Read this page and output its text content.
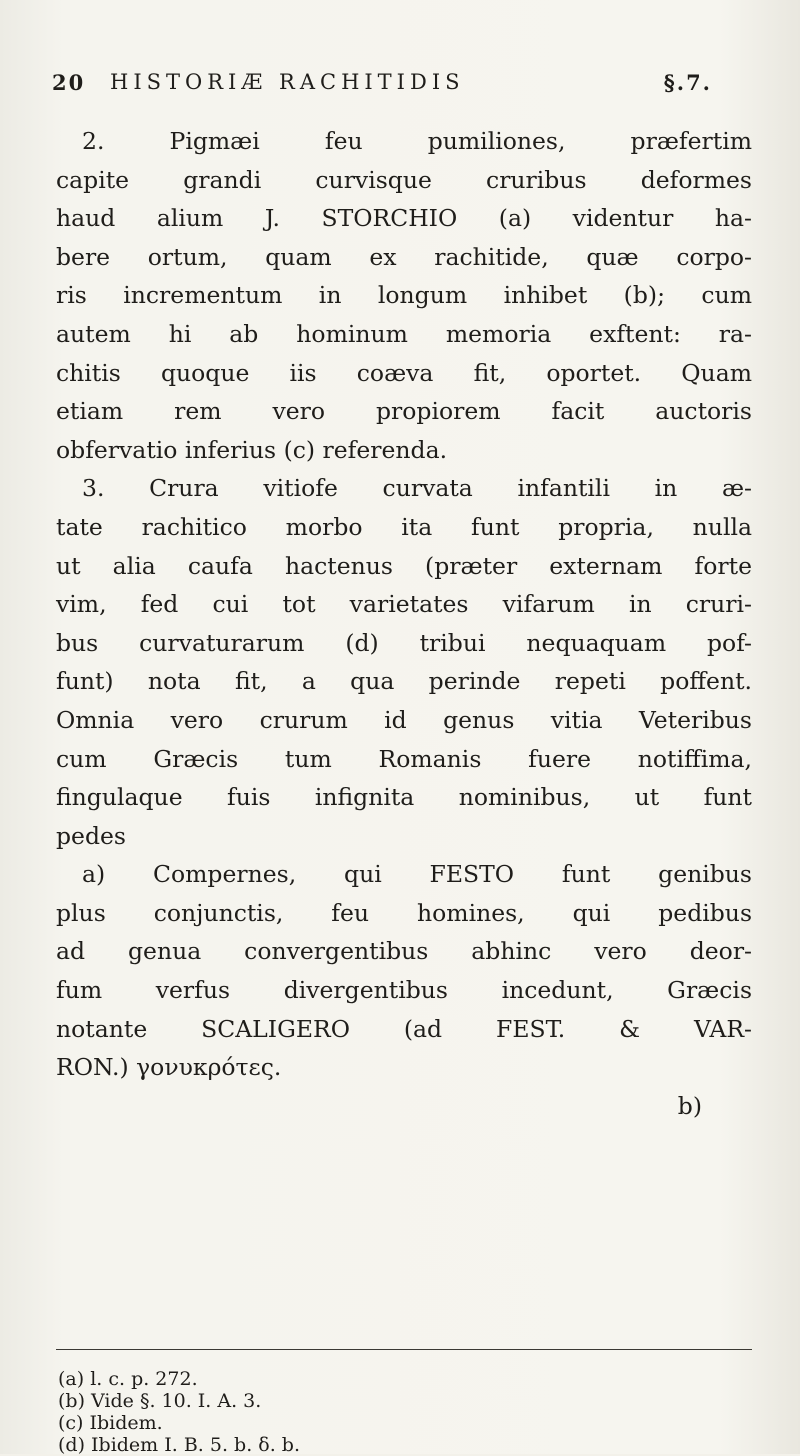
20 HISTORIÆ RACHITIDIS	§.7.
2. Pigmæi feu pumiliones, præfertim
capite grandi curvisque cruribus deformes
haud alium J. STORCHIO (a) videntur ha-
bere ortum, quam ex rachitide, quæ corpo-
ris incrementum in longum inhibet (b); cum
autem hi ab hominum memoria exftent: ra-
chitis quoque iis coæva fit, oportet. Quam
etiam rem vero propiorem facit auctoris
obfervatio inferius (c) referenda.
3. Crura vitiofe curvata infantili in æ-
tate rachitico morbo ita funt propria, nulla
ut alia caufa hactenus (præter externam forte
vim, fed cui tot varietates vifarum in cruri-
bus curvaturarum (d) tribui nequaquam pof-
funt) nota fit, a qua perinde repeti poffent.
Omnia vero crurum id genus vitia Veteribus
cum Græcis tum Romanis fuere notiffima,
fingulaque fuis infignita nominibus, ut funt
pedes
a) Compernes, qui FESTO funt genibus
plus conjunctis, feu homines, qui pedibus
ad genua convergentibus abhinc vero deor-
fum verfus divergentibus incedunt, Græcis
notante SCALIGERO (ad FEST. & VAR-
RON.) γονυκρότες.
b)
(a) l. c. p. 272.
(b) Vide §. 10. I. A. 3.
(c) Ibidem.
(d) Ibidem I. B. 5. b. δ. b.
